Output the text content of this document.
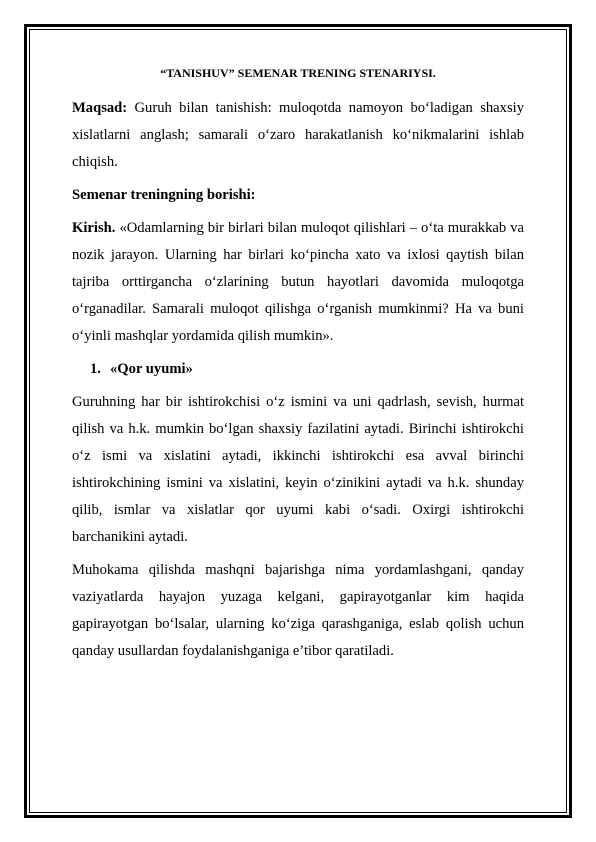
“TANISHUV” SEMENAR TRENING STENARIYSI.

Maqsad: Guruh bilan tanishish: muloqotda namoyon bo‘ladigan shaxsiy xislatlarni anglash; samarali o‘zaro harakatlanish ko‘nikmalarini ishlab chiqish.

Semenar treningning borishi:

Kirish. «Odamlarning bir birlari bilan muloqot qilishlari – o‘ta murakkab va nozik jarayon. Ularning har birlari ko‘pincha xato va ixlosi qaytish bilan tajriba orttirgancha o‘zlarining butun hayotlari davomida muloqotga o‘rganadilar. Samarali muloqot qilishga o‘rganish mumkinmi? Ha va buni o‘yinli mashqlar yordamida qilish mumkin».

1. «Qor uyumi»

Guruhning har bir ishtirokchisi o‘z ismini va uni qadrlash, sevish, hurmat qilish va h.k. mumkin bo‘lgan shaxsiy fazilatini aytadi. Birinchi ishtirokchi o‘z ismi va xislatini aytadi, ikkinchi ishtirokchi esa avval birinchi ishtirokchining ismini va xislatini, keyin o‘zinikini aytadi va h.k. shunday qilib, ismlar va xislatlar qor uyumi kabi o‘sadi. Oxirgi ishtirokchi barchanikini aytadi.

Muhokama qilishda mashqni bajarishga nima yordamlashgani, qanday vaziyatlarda hayajon yuzaga kelgani, gapirayotganlar kim haqida gapirayotgan bo‘lsalar, ularning ko‘ziga qarashganiga, eslab qolish uchun qanday usullardan foydalanishganiga e’tibor qaratiladi.
